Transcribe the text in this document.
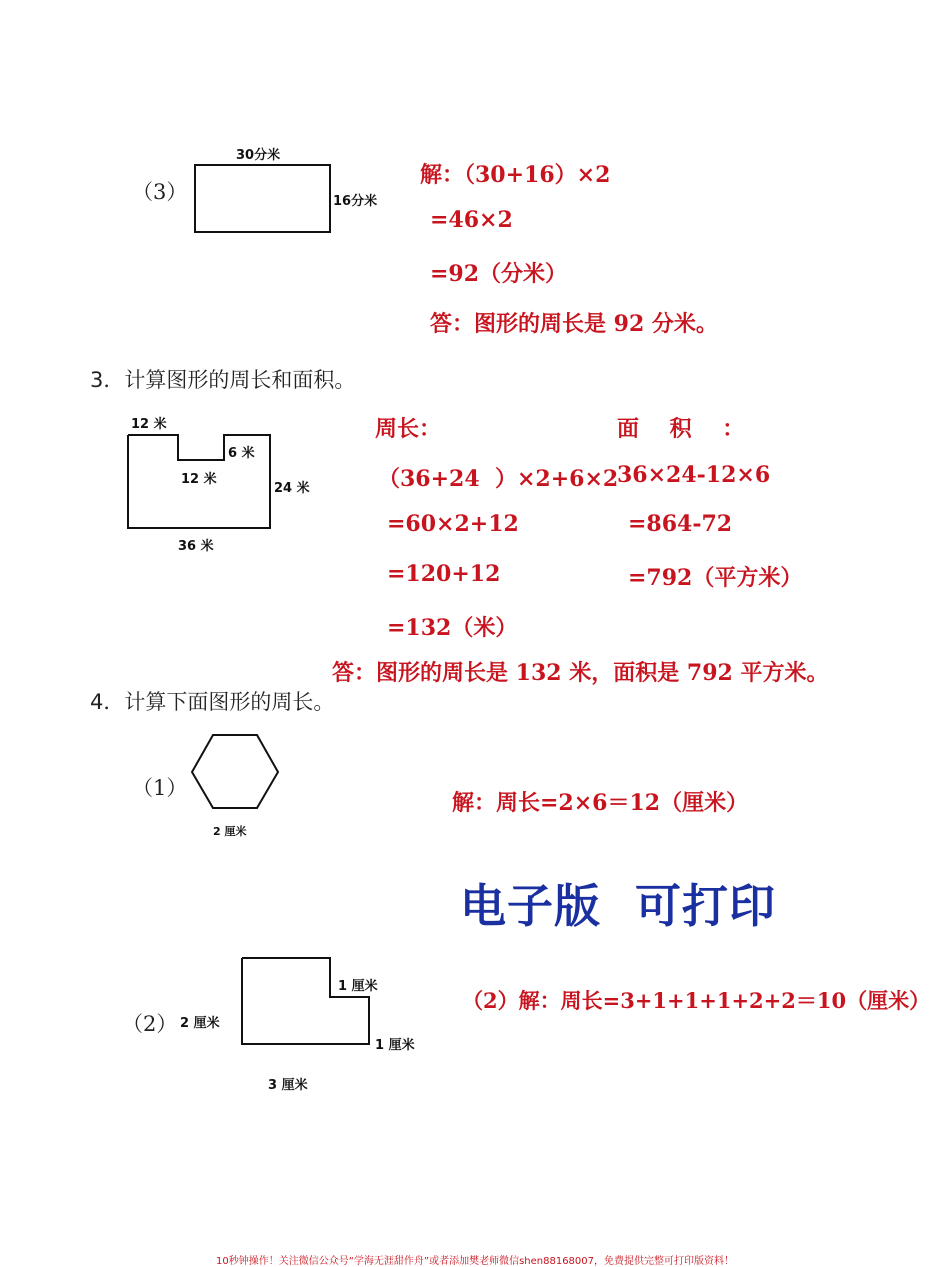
（3）
30分米
16分米
解：（30+16）×2
=46×2
=92（分米）
答：图形的周长是 92 分米。
3．计算图形的周长和面积。
12 米
6 米
12 米
24 米
36 米
周长：
（36+24  ）×2+6×2
=60×2+12
=120+12
=132（米）
面    积    ：
36×24-12×6
=864-72
=792（平方米）
答：图形的周长是 132 米，面积是 792 平方米。
4．计算下面图形的周长。
（1）
2 厘米
解：周长=2×6＝12（厘米）
电子版  可打印
（2） 2 厘米
1 厘米
1 厘米
3 厘米
（2）解：周长=3+1+1+1+2+2＝10（厘米）
10秒钟操作！关注微信公众号“学海无涯甜作舟”或者添加樊老师微信shen88168007，免费提供完整可打印版资料！
